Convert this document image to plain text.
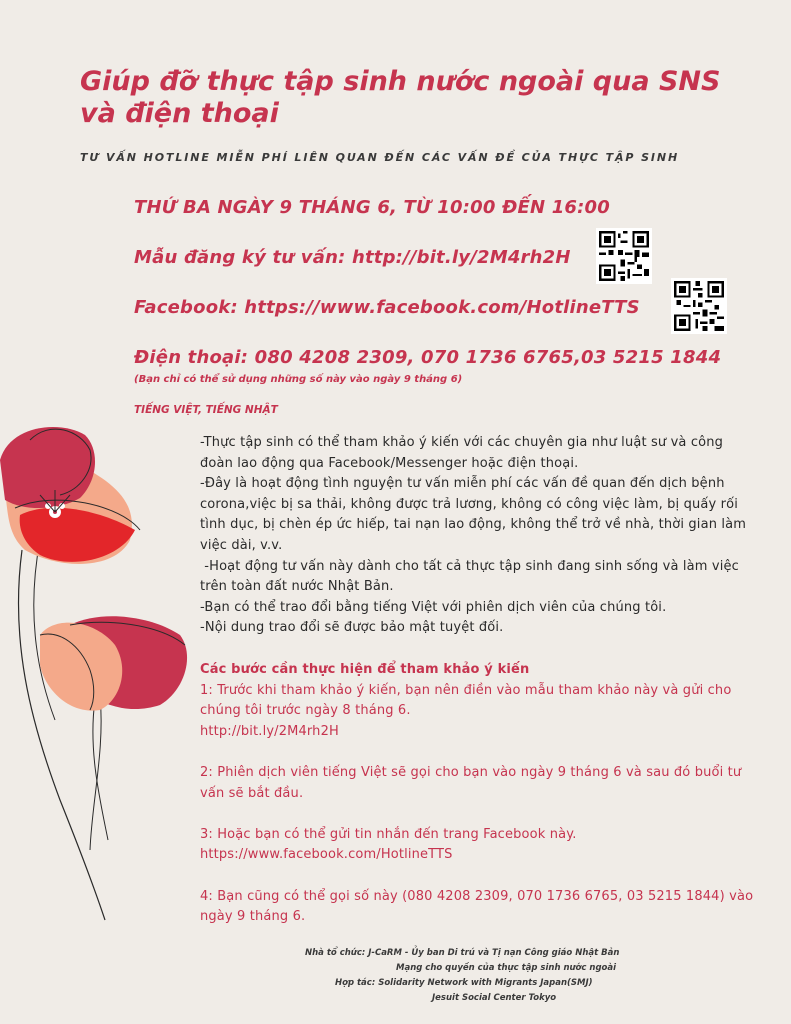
Giúp đỡ thực tập sinh nước ngoài qua SNS và điện thoại
TƯ VẤN HOTLINE MIỄN PHÍ LIÊN QUAN ĐẾN CÁC VẤN ĐỀ CỦA THỰC TẬP SINH
THỨ BA NGÀY 9 THÁNG 6, TỪ 10:00 ĐẾN 16:00
Mẫu đăng ký tư vấn: http://bit.ly/2M4rh2H
Facebook: https://www.facebook.com/HotlineTTS
Điện thoại: 080 4208 2309, 070 1736 6765,03 5215 1844
(Bạn chỉ có thể sử dụng những số này vào ngày 9 tháng 6)
TIẾNG VIỆT, TIẾNG NHẬT

-Thực tập sinh có thể tham khảo ý kiến với các chuyên gia như luật sư và công đoàn lao động qua Facebook/Messenger hoặc điện thoại.

-Đây là hoạt động tình nguyện tư vấn miễn phí các vấn đề quan đến dịch bệnh corona,việc bị sa thải, không được trả lương, không có công việc làm, bị quấy rối tình dục, bị chèn ép ức hiếp, tai nạn lao động, không thể trở về nhà, thời gian làm việc dài, v.v.

-Hoạt động tư vấn này dành cho tất cả thực tập sinh đang sinh sống và làm việc trên toàn đất nước Nhật Bản.

-Bạn có thể trao đổi bằng tiếng Việt với phiên dịch viên của chúng tôi.

-Nội dung trao đổi sẽ được bảo mật tuyệt đối.

Các bước cần thực hiện để tham khảo ý kiến

1: Trước khi tham khảo ý kiến, bạn nên điền vào mẫu tham khảo này và gửi cho chúng tôi trước ngày 8 tháng 6.

http://bit.ly/2M4rh2H

2: Phiên dịch viên tiếng Việt sẽ gọi cho bạn vào ngày 9 tháng 6 và sau đó buổi tư vấn sẽ bắt đầu.

3: Hoặc bạn có thể gửi tin nhắn đến trang Facebook này.

https://www.facebook.com/HotlineTTS

4: Bạn cũng có thể gọi số này (080 4208 2309, 070 1736 6765, 03 5215 1844) vào ngày 9 tháng 6.

Nhà tổ chức: J-CaRM - Ủy ban Di trú và Tị nạn Công giáo Nhật Bản
Mạng cho quyền của thực tập sinh nước ngoài
Hợp tác: Solidarity Network with Migrants Japan(SMJ)
Jesuit Social Center Tokyo
